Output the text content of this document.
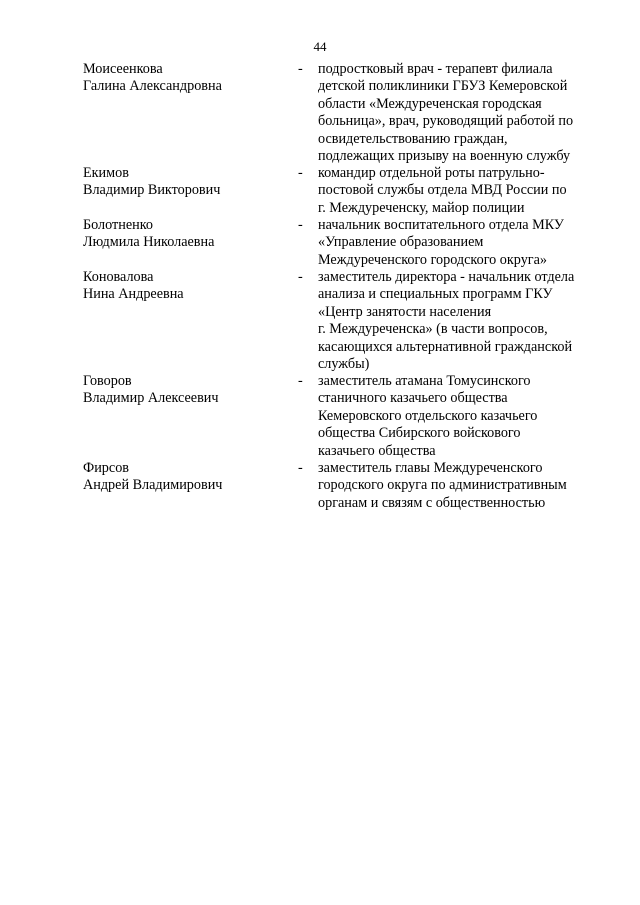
44
Моисеенкова
Галина Александровна
-	подростковый врач - терапевт филиала
детской поликлиники ГБУЗ Кемеровской
области «Междуреченская городская
больница», врач, руководящий работой по
освидетельствованию граждан,
подлежащих призыву на военную службу
Екимов
Владимир Викторович
-	командир отдельной роты патрульно-
постовой службы отдела МВД России по
г. Междуреченску, майор полиции
Болотненко
Людмила Николаевна
-	начальник воспитательного отдела МКУ
«Управление образованием
Междуреченского городского округа»
Коновалова
Нина Андреевна
-	заместитель директора - начальник отдела
анализа и специальных программ ГКУ
«Центр занятости населения
г. Междуреченска» (в части вопросов,
касающихся альтернативной гражданской
службы)
Говоров
Владимир Алексеевич
-	заместитель атамана Томусинского
станичного казачьего общества
Кемеровского отдельского казачьего
общества Сибирского войскового
казачьего общества
Фирсов
Андрей Владимирович
-	заместитель главы Междуреченского
городского округа по административным
органам и связям с общественностью
